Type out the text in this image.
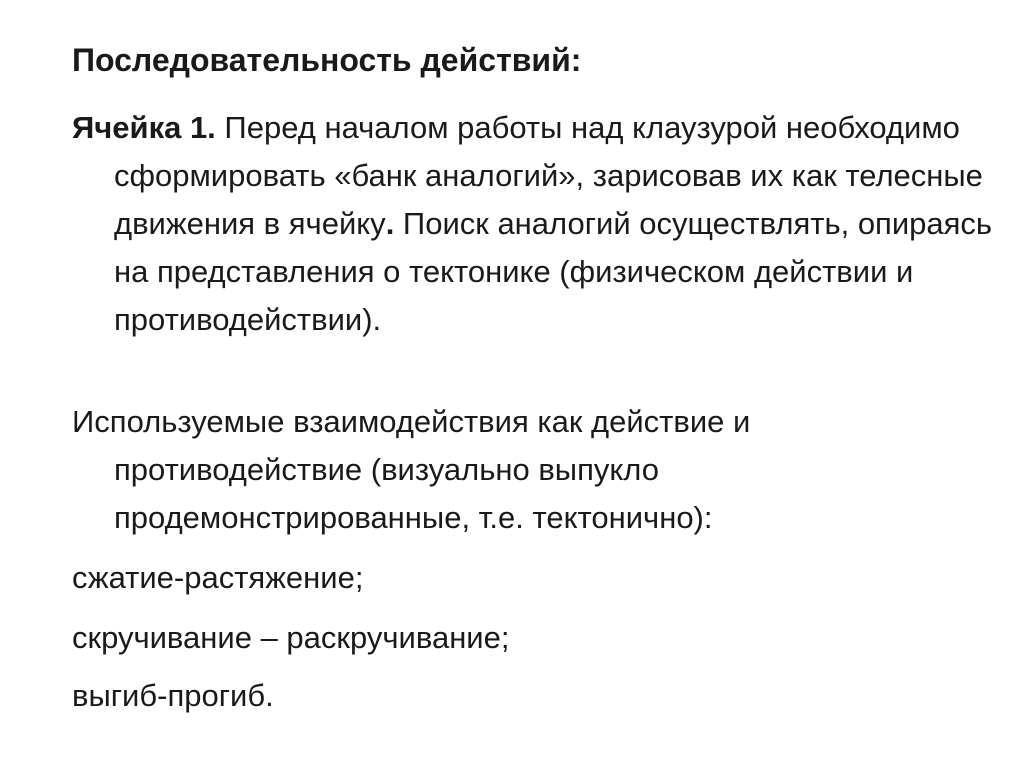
Последовательность действий:
Ячейка 1. Перед началом работы над клаузурой необходимо сформировать «банк аналогий», зарисовав их как телесные движения в ячейку. Поиск аналогий осуществлять, опираясь на представления о тектонике (физическом действии и противодействии).
Используемые взаимодействия как действие и противодействие (визуально выпукло продемонстрированные, т.е. тектонично):
сжатие-растяжение;
скручивание – раскручивание;
выгиб-прогиб.
